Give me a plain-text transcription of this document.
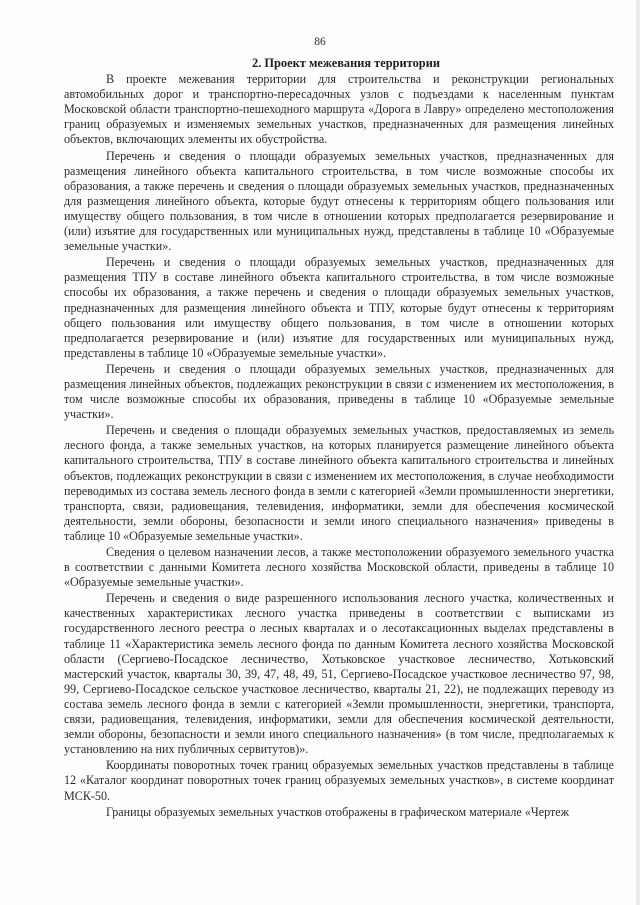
86
2. Проект межевания территории

В проекте межевания территории для строительства и реконструкции региональных автомобильных дорог и транспортно-пересадочных узлов с подъездами к населенным пунктам Московской области транспортно-пешеходного маршрута «Дорога в Лавру» определено местоположения границ образуемых и изменяемых земельных участков, предназначенных для размещения линейных объектов, включающих элементы их обустройства.

Перечень и сведения о площади образуемых земельных участков, предназначенных для размещения линейного объекта капитального строительства, в том числе возможные способы их образования, а также перечень и сведения о площади образуемых земельных участков, предназначенных для размещения линейного объекта, которые будут отнесены к территориям общего пользования или имуществу общего пользования, в том числе в отношении которых предполагается резервирование и (или) изъятие для государственных или муниципальных нужд, представлены в таблице 10 «Образуемые земельные участки».

Перечень и сведения о площади образуемых земельных участков, предназначенных для размещения ТПУ в составе линейного объекта капитального строительства, в том числе возможные способы их образования, а также перечень и сведения о площади образуемых земельных участков, предназначенных для размещения линейного объекта и ТПУ, которые будут отнесены к территориям общего пользования или имуществу общего пользования, в том числе в отношении которых предполагается резервирование и (или) изъятие для государственных или муниципальных нужд, представлены в таблице 10 «Образуемые земельные участки».

Перечень и сведения о площади образуемых земельных участков, предназначенных для размещения линейных объектов, подлежащих реконструкции в связи с изменением их местоположения, в том числе возможные способы их образования, приведены в таблице 10 «Образуемые земельные участки».

Перечень и сведения о площади образуемых земельных участков, предоставляемых из земель лесного фонда, а также земельных участков, на которых планируется размещение линейного объекта капитального строительства, ТПУ в составе линейного объекта капитального строительства и линейных объектов, подлежащих реконструкции в связи с изменением их местоположения, в случае необходимости переводимых из состава земель лесного фонда в земли с категорией «Земли промышленности энергетики, транспорта, связи, радиовещания, телевидения, информатики, земли для обеспечения космической деятельности, земли обороны, безопасности и земли иного специального назначения» приведены в таблице 10 «Образуемые земельные участки».

Сведения о целевом назначении лесов, а также местоположении образуемого земельного участка в соответствии с данными Комитета лесного хозяйства Московской области, приведены в таблице 10 «Образуемые земельные участки».

Перечень и сведения о виде разрешенного использования лесного участка, количественных и качественных характеристиках лесного участка приведены в соответствии с выписками из государственного лесного реестра о лесных кварталах и о лесотаксационных выделах представлены в таблице 11 «Характеристика земель лесного фонда по данным Комитета лесного хозяйства Московской области (Сергиево-Посадское лесничество, Хотьковское участковое лесничество, Хотьковский мастерский участок, кварталы 30, 39, 47, 48, 49, 51, Сергиево-Посадское участковое лесничество 97, 98, 99, Сергиево-Посадское сельское участковое лесничество, кварталы 21, 22), не подлежащих переводу из состава земель лесного фонда в земли с категорией «Земли промышленности, энергетики, транспорта, связи, радиовещания, телевидения, информатики, земли для обеспечения космической деятельности, земли обороны, безопасности и земли иного специального назначения» (в том числе, предполагаемых к установлению на них публичных сервитутов)».

Координаты поворотных точек границ образуемых земельных участков представлены в таблице 12 «Каталог координат поворотных точек границ образуемых земельных участков», в системе координат МСК-50.

Границы образуемых земельных участков отображены в графическом материале «Чертеж
